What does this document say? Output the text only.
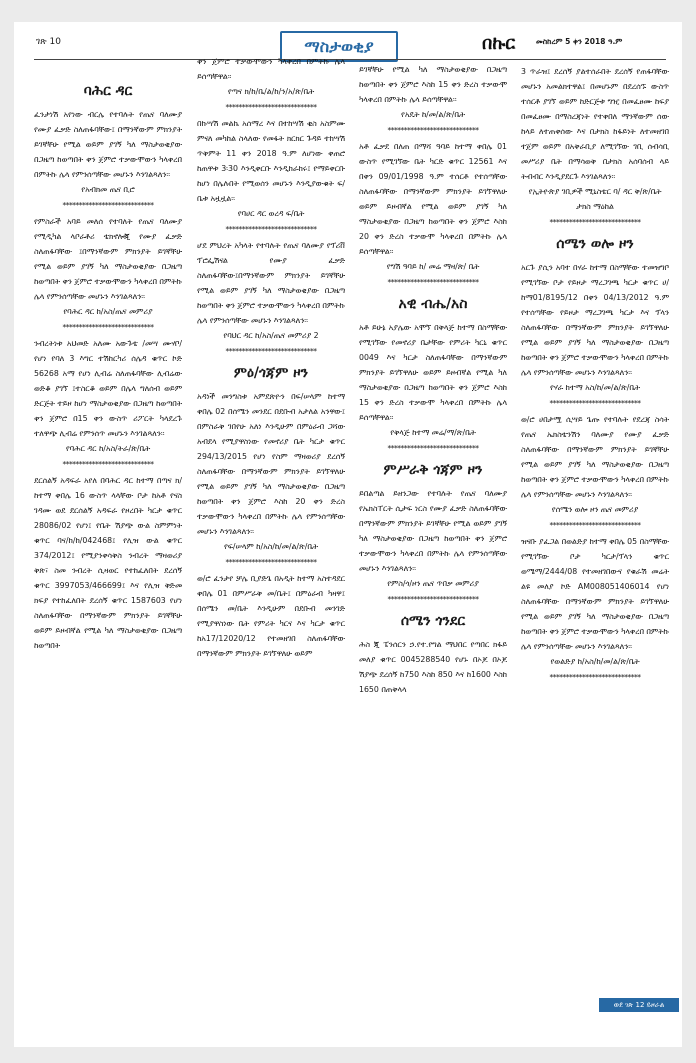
ገጽ 10	ማስታወቂያ	በኩር	መስከረም 5 ቀን 2018 ዓ.ም
ባሕር ዳር
ፈንታነሽ አየነው ብርሌ የተባሉት የጤና ባለሙያ የሙያ ፈቃድ ስለጠፋባቸው፤ በማንኛውም ምክንያት ይገኛቸሁ የሚል ወይም ያገኝ ካለ ማስታወቂያው በጋዜጣ ከወጣበት ቀን ጀምሮ ተቃውሞውን ካላቀረበ በምትኩ ሌላ የምንሰጣቸው መሆኑን እንገልጻለን፡፡
የአብክመ ጤና ቢሮ
****************************
የምስራች አባይ መለሰ የተባለት የጤና ባለሙያ የሚዲካል ላቦራቶሪ ቴክኖሎጂ የሙያ ፈቃድ ስለጠፋባቸው ፤በማንኛውም ምክንያት ይገኛቸሁ የሚል ወይም ያገኝ ካለ ማስታወቂያው በጋዜጣ ከወጣበት ቀን ጀምሮ ተቃውሞውን ካላቀረበ በምትኩ ሌላ የምንሰጣቸው መሆኑን እንገልጻለን፡፡
የባሕር ዳር ከ/አስ/ጤና መምሪያ
****************************
ንብረትነቱ አህመድ አለሙ አውጉቴ /መሣ ሙሃቦ/ የሆነ የባለ 3 እግር ተሽከርካሪ ሰሌዳ ቁጥር ኮድ 56268 አማ የሆነ ሊብሬ ስለጠፋባቸው ሊብሬው ወድቆ ያገኘ ፤ተስርቆ ወይም በሌላ ግለሰብ ወይም ድርጅት ተይዞ ከሆነ ማስታወቂያው በጋዜጣ ከወጣበት ቀን ጀምሮ በ15 ቀን ውስጥ ሪፖርት ካላደረጉ ተለዋጭ ሊብሬ የምንሰጥ መሆኑን እንገልጻለን፡፡
የባሕር ዳር ከ/አስ/ትራ/ጽ/ቤት
****************************
ደርሰልኝ አዳፍራ አየለ በባሕር ዳር ከተማ በጣና ክ/ከተማ ቀበሌ 16 ውስጥ ላላቸው ቦታ ከአቶ የናስ ገዳሙ ወደ ደርሰልኝ አዳፍራ የዞረበት ካርታ ቁጥር 28086/02 የሆነ፤ የቤት ሽያጭ ውል ስምምነት ቁጥር ባና/ከ/ከ/042468፤ የሊዝ ውል ቁጥር 374/2012፤ የሚያንቀሳቅስ ንብረት ማዛወሪያ ቅጽ፣ ስመ ንብረት ሲዛወር የተከፈለበት ደረሰኝ ቁጥር 3997053/466699፤ እና የሊዝ ቅድመ ክፍያ የተከፈለበት ደረሰኝ ቁጥር 1587603 የሆነ ስለጠፋባቸው በማንኛውም ምክንያት ይገኛቸሁ ወይም ይዞብኛል የሚል ካለ ማስታወቂያው በጋዜጣ ከወጣበት
ቀን ጀምሮ ተቃውሞውን ካላቀረበ በምትኩ ሌላ ይሰጣቸዋል፡፡
የጣና ክ/ከ/ቤ/ል/ከ/ን/አ/ጽ/ቤት
****************************
በኩሣሽ መልኬ አሰማረ እና በተከሣሽ ቂስ አስምሙ ምናለ መካከል ስላለው የመፋት ክርክር ጉዳይ ተከሣሽ ጥቅምት 11 ቀን 2018 ዓ.ም ለሆነው ቀጠሮ ከጠዋቱ 3፡30 እንዲቀርቡ እንዲከራከሩ፤ የማይቀርቡ ከሆነ በሌሉበት የሚወሰን መሆኑን እንዲያውቁት ፍ/ቤቱ አዟዟል፡፡
የባሀር ዳር ወረዳ ፍ/ቤት
****************************
ሆደ ምህረት አካላት የተባሉት የጤና ባለሙያ የፕሪቨ ፕሮፌሽናል የሙያ ፈቃድ ስለጠፋባቸው፤በማንኛውም ምክንያት ይገኛቸሁ የሚል ወይም ያገኝ ካለ ማስታወቂያው በጋዜጣ ከወጣበት ቀን ጀምሮ ተቃውሞውን ካላቀረበ በምትኩ ሌላ የምንሰጣቸው መሆኑን እንገልጻለን፡፡
የባህር ዳር ከ/አስ/ጤና መምሪያ 2
****************************
ምዕ/ጎጃም ዞን
አዳነች መንግስቱ አምደጽዮን በፍ/ሠላም ከተማ ቀበሌ 02 በሰሜን መንደር በደቡብ አታለል አንዋው፤ በምስራቅ ገበየሁ አለነ እንዲሁም በምዕራብ ጋሻው አብደላ የሚያዋስነው የመኖሪያ ቤት ካርታ ቁጥር 294/13/2015 የሆነ የስም ማዛወሪያ ደረሰኝ ስለጠፋባቸው በማንኛውም ምክንያት ይገኘዋለሁ የሚል ወይም ያገኝ ካለ ማስታወቂያው በጋዜጣ ከወጣበት ቀን ጀምሮ እስከ 20 ቀን ድረስ ተቃውሞውን ካላቀረበ በምትኩ ሌላ የምንሰጣቸው መሆኑን እንገልጻለን፡፡
የፍ/ሠላም ከ/አስ/ከ/መ/ል/ጽ/ቤት
****************************
ወ/ሮ ፈንታየ ቻሌ ቢያድጌ በአዲት ከተማ አስተዳደር ቀበሌ 01 በምሥራቅ መ/ቤት፤ በምዕራብ ካዛዋ፤ በሰሜን መ/ቤት እንዲሁም በደቡብ መንገድ የሚያዋስነው ቤት የምሪት ካርና እና ካርታ ቁጥር ከአ17/12020/12 የተመዘገበ ስለጠፋባቸው በማንኛውም ምክንያት ይገኘዋለሁ ወይም
ይገኛቸሁ የሚል ካለ ማስታወቂያው በጋዜጣ ከወጣበት ቀን ጀምሮ እስከ 15 ቀን ድረስ ተቃውሞ ካላቀረበ በምትኩ ሌላ ይሰጣቸዋል፡፡
የአዴት ከ/መ/ል/ጽ/ቤት
****************************
አቶ ፈቃደ በለጠ በማሻ ዓባይ ከተማ ቀበሌ 01 ውስጥ የሚገኘው ቤት ካርድ ቁጥር 12561 እና በቀን 09/01/1998 ዓ.ም ተሰርቶ የተሰጣቸው ስለጠፋባቸው በማንኛውም ምክንያት ይገኘዋለሁ ወይም ይዞብኛል የሚል ወይም ያገኝ ካለ ማስታወቂያው በጋዜጣ ከወጣበት ቀን ጀምሮ እስከ 20 ቀን ድረስ ተቃውሞ ካላቀረበ በምትኩ ሌላ ይሰጣቸዋል፡፡
የግሽ ዓባይ ከ/ መሬ ማዛ/ጽ/ ቤት
****************************
አዊ ብሔ/አስ
አቶ ይሁኔ አያሌው አሞኘ በቅላጅ ከተማ በስማቸው የሚገኘው የመኖሪያ ቤታቸው የምሪት ካርኒ ቁጥር 0049 እና ካርታ ስለጠፋባቸው በማንኛውም ምክንያት ይገኘዋለሁ ወይም ይዞብኛል የሚል ካለ ማስታወቂያው በጋዜጣ ከወጣበት ቀን ጀምሮ እስከ 15 ቀን ድረስ ተቃውሞ ካላቀረበ በምትኩ ሌላ ይሰጣቸዋል፡፡
የቅላጅ ከተማ መሬ/ማ/ጽ/ቤት
****************************
ምሥራቅ ጎጃም ዞን
ይበልጣል ይዘንጋው የተባሉት የጤና ባለሙያ የኤክስፐርት ሲታፍ ነርስ የሙያ ፈቃድ ስለጠፋባቸው በማንኛውም ምክንያት ይገኛቸሁ የሚል ወይም ያገኝ ካለ ማስታወቂያው በጋዜጣ ከወጣበት ቀን ጀምሮ ተቃውሞውን ካላቀረበ በምትኩ ሌላ የምንሰጣቸው መሆኑን እንገልጻለን፡፡
የምስ/ጎ/ዞን ጤና ጥበቃ መምሪያ
****************************
ሰሜን ጎንደር
ሕስ ጂ ፔንሰርን ኃ.የተ.የግል ማህበር የጣበር ክፋይ መለያ ቁጥር 0045288540 የሆኑ በኦጆ በኦጆ ሽያጭ ደረሰኝ ከ750 እስከ 850 እና ከ1600 እስከ 1650 በጠቅላላ
3 ጥራዝ፤ ደረሰኝ ያልተሰራበት ደረሰኝ የጠፋባቸው መሆኑን አመልክተዋል፤ በመሆኑም በደረሰኙ ውስጥ ተሰርቶ ያገኘ ወይም ከድርጅቱ ግዢ በመፈፀሙ ከፍያ በመፈፀሙ በማስረጃነት የተቀበለ ማንኛውም ሰው ከላይ ለተጠቀሰው እና በታክስ ከፋይነት ለተመዘገበ ተጀም ወይም በአቅራቢያ ለሚገኘው ገቢ ሰብሳቢ መሥሪያ ቤት በማሳወቅ በታክስ አሰባሰብ ላይ ትብብር እንዲያደርጉ እንገልጻለን፡፡
የኢትዮጵያ ገቢዎች ሚኒስቴር ባ/ ዳር ቅ/ጽ/ቤት ታክስ ማዕከል
****************************
ሰሜን ወሎ ዞን
አርጉ ያሲን አባተ በሃራ ከተማ በስማቸው ተመዝግቦ የሚገኘው ቦታ የይዞታ ማረጋገጫ ካርታ ቁጥር ሀ/ከማ01/8195/12 በቀን 04/13/2012 ዓ.ም የተሰጣቸው የይዞታ ማረጋገጫ ካርታ እና ፕላን ስለጠፋባቸው በማንኛውም ምክንያት ይገኘዋለሁ የሚል ወይም ያገኝ ካለ ማስታወቂያው በጋዜጣ ከወጣበት ቀን ጀምሮ ተቃውሞውን ካላቀረበ በምትኩ ሌላ የምንሰጣቸው መሆኑን እንገልጻለን፡፡
የሃራ ከተማ አስ/ከ/መ/ል/ጽ/ቤት
****************************
ወ/ሮ ሀበታሟ ሲሣይ ጌጡ የተባሉት የደረጃ ስሳት የጤና ኤክስቴንሽን ባለሙያ የሙያ ፈቃድ ስለጠፋባቸው በማንኛውም ምክንያት ይገኛቸሁ የሚል ወይም ያገኝ ካለ ማስታወቂያው በጋዜጣ ከወጣበት ቀን ጀምሮ ተቃውሞውን ካላቀረበ በምትኩ ሌላ የምንሰጣቸው መሆኑን እንገልጻለን፡፡
የሰሜን ወሎ ዞን ጤና መምሪያ
****************************
ዝናቡ ያፈጋል በወልድያ ከተማ ቀበሌ 05 በስማቸው የሚገኘው ቦታ ካርታ/ፕላን ቁጥር ወሜማ/2444/08 የተመዘገበውና የቁራሽ መሬት ልዩ መለያ ኮድ AM008051406014 የሆነ ስለጠፋባቸው በማንኛውም ምክንያት ይገኘዋለሁ የሚል ወይም ያገኝ ካለ ማስታወቂያው በጋዜጣ ከወጣበት ቀን ጀምሮ ተቃውሞውን ካላቀረበ በምትኩ ሌላ የምንሰጣቸው መሆኑን እንገልጻለን፡፡
የወልድያ ከ/አስ/ከ/መ/ል/ጽ/ቤት
****************************
ወደ ገጽ 12 ይዞራል
